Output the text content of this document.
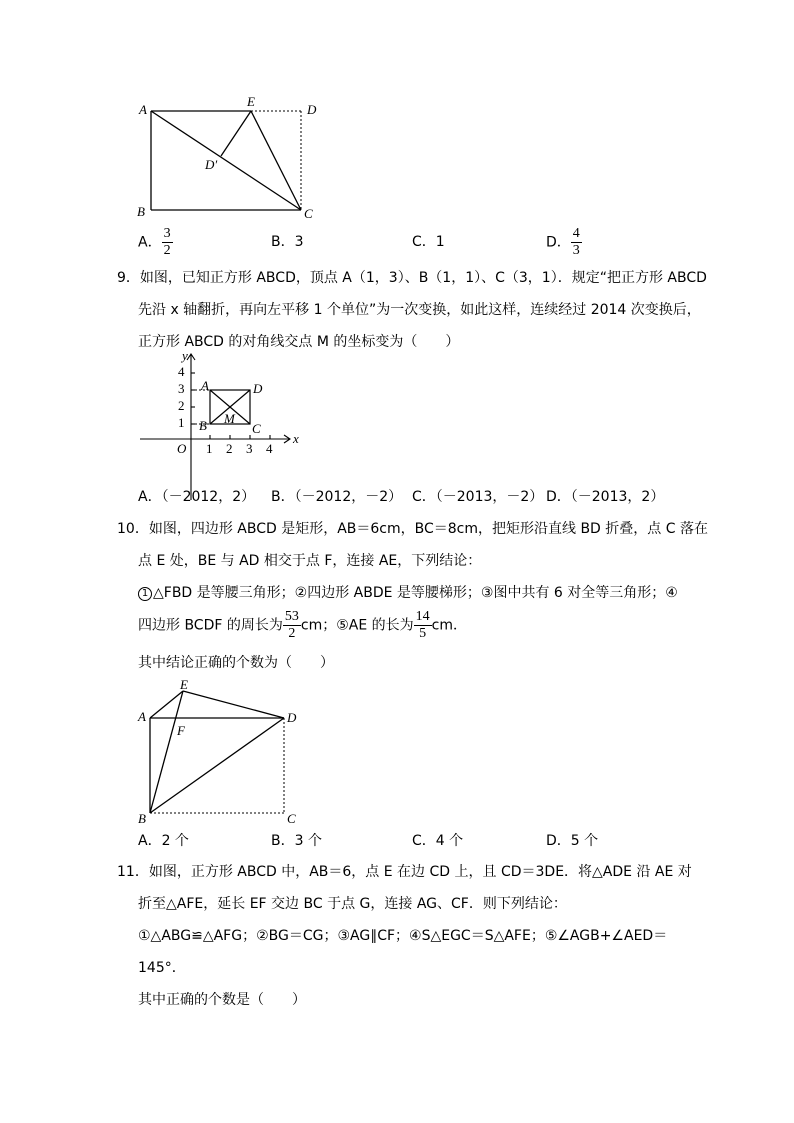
A
E
D
D′
B	C
A． $\frac{3}{2}$	B．3	C．1	D． $\frac{4}{3}$
9．如图，已知正方形 ABCD，顶点 A（1，3）、B（1，1）、C（3，1）．规定“把正方形 ABCD
先沿 x 轴翻折，再向左平移 1 个单位”为一次变换，如此这样，连续经过 2014 次变换后，
正方形 ABCD 的对角线交点 M 的坐标变为（　　）
y
x
O
4
3
2
1
1 2 3 4
A	D
B	C
M
A．（－2012，2） B．（－2012，－2） C．（－2013，－2） D．（－2013，2）
10．如图，四边形 ABCD 是矩形，AB＝6cm，BC＝8cm，把矩形沿直线 BD 折叠，点 C 落在
点 E 处，BE 与 AD 相交于点 F，连接 AE，下列结论：
1 △FBD 是等腰三角形；②四边形 ABDE 是等腰梯形；③图中共有 6 对全等三角形；④
四边形 BCDF 的周长为 $\frac{53}{2}$ cm；⑤AE 的长为 $\frac{14}{5}$ cm．
其中结论正确的个数为（　　）
E
A
F
D
B	C
A．2 个	B．3 个	C．4 个	D．5 个
11．如图，正方形 ABCD 中，AB＝6，点 E 在边 CD 上，且 CD＝3DE．将△ADE 沿 AE 对
折至△AFE，延长 EF 交边 BC 于点 G，连接 AG、CF．则下列结论：
①△ABG≌△AFG；②BG＝CG；③AG∥CF；④S△EGC＝S△AFE；⑤∠AGB+∠AED＝
145°．
其中正确的个数是（　　）
